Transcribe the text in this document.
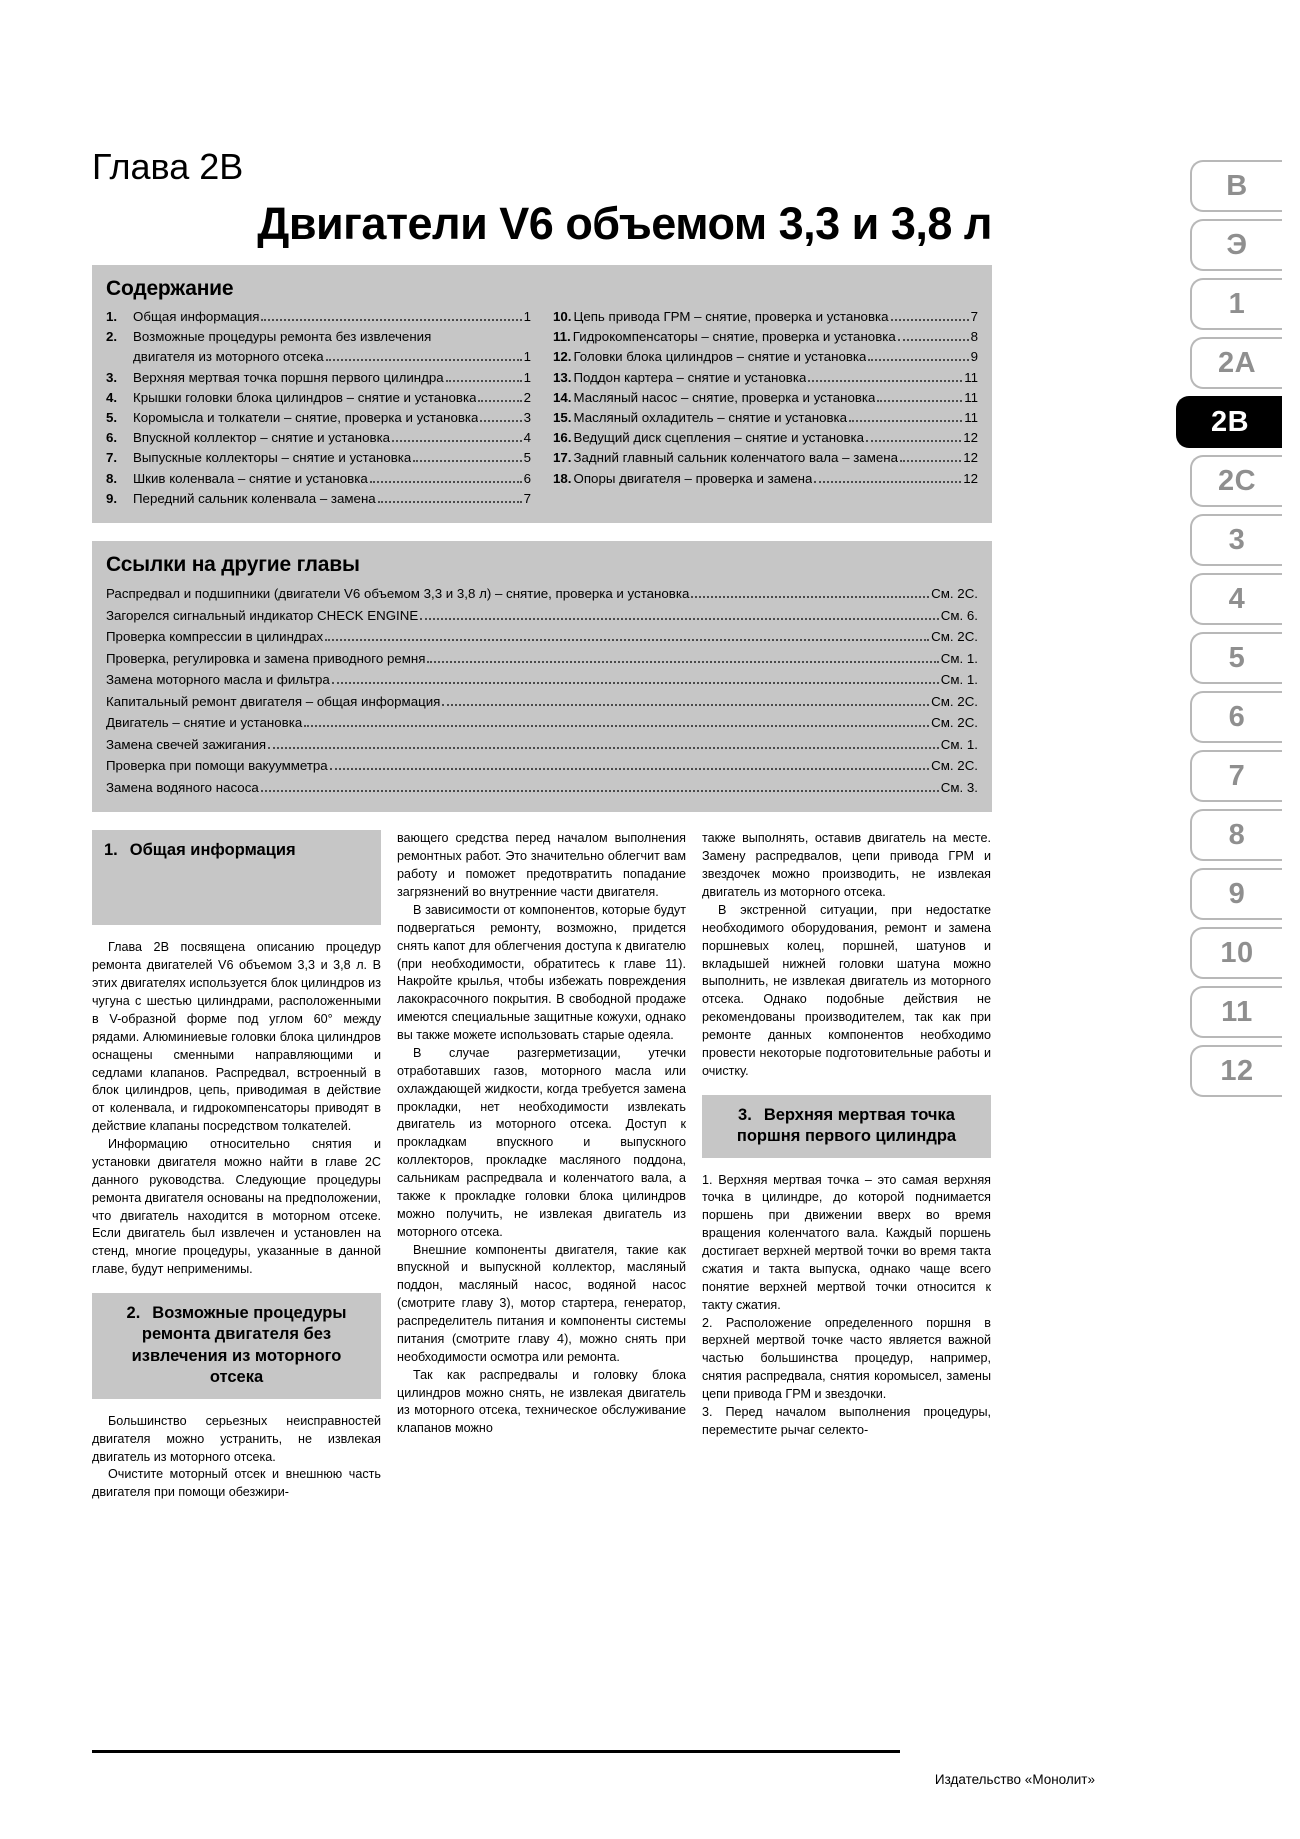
В
Э
1
2А
2В
2С
3
4
5
6
7
8
9
10
11
12
Глава 2В
Двигатели V6 объемом 3,3 и 3,8 л
Содержание
1.	Общая информация	1
2.	Возможные процедуры ремонта без извлечения
двигателя из моторного отсека	1
3.	Верхняя мертвая точка поршня первого цилиндра	1
4.	Крышки головки блока цилиндров – снятие и установка	2
5.	Коромысла и толкатели – снятие, проверка и установка	3
6.	Впускной коллектор – снятие и установка	4
7.	Выпускные коллекторы – снятие и установка	5
8.	Шкив коленвала – снятие и установка	6
9.	Передний сальник коленвала – замена	7
10. Цепь привода ГРМ – снятие, проверка и установка	7
11. Гидрокомпенсаторы – снятие, проверка и установка	8
12. Головки блока цилиндров – снятие и установка	9
13. Поддон картера – снятие и установка	11
14. Масляный насос – снятие, проверка и установка	11
15. Масляный охладитель – снятие и установка	11
16. Ведущий диск сцепления – снятие и установка	12
17. Задний главный сальник коленчатого вала – замена	12
18. Опоры двигателя – проверка и замена	12
Ссылки на другие главы
Распредвал и подшипники (двигатели V6 объемом 3,3 и 3,8 л) – снятие, проверка и установка	См. 2С.
Загорелся сигнальный индикатор CHECK ENGINE	См. 6.
Проверка компрессии в цилиндрах	См. 2С.
Проверка, регулировка и замена приводного ремня	См. 1.
Замена моторного масла и фильтра	См. 1.
Капитальный ремонт двигателя – общая информация	См. 2С.
Двигатель – снятие и установка	См. 2С.
Замена свечей зажигания	См. 1.
Проверка при помощи вакуумметра	См. 2С.
Замена водяного насоса	См. 3.
1. Общая информация

Глава 2В посвящена описанию процедур ремонта двигателей V6 объемом 3,3 и 3,8 л. В этих двигателях используется блок цилиндров из чугуна с шестью цилиндрами, расположенными в V-образной форме под углом 60° между рядами. Алюминиевые головки блока цилиндров оснащены сменными направляющими и седлами клапанов. Распредвал, встроенный в блок цилиндров, цепь, приводимая в действие от коленвала, и гидрокомпенсаторы приводят в действие клапаны посредством толкателей.

Информацию относительно снятия и установки двигателя можно найти в главе 2С данного руководства. Следующие процедуры ремонта двигателя основаны на предположении, что двигатель находится в моторном отсеке. Если двигатель был извлечен и установлен на стенд, многие процедуры, указанные в данной главе, будут неприменимы.

2. Возможные процедуры ремонта двигателя без извлечения из моторного отсека

Большинство серьезных неисправностей двигателя можно устранить, не извлекая двигатель из моторного отсека.

Очистите моторный отсек и внешнюю часть двигателя при помощи обезжири-

вающего средства перед началом выполнения ремонтных работ. Это значительно облегчит вам работу и поможет предотвратить попадание загрязнений во внутренние части двигателя.

В зависимости от компонентов, которые будут подвергаться ремонту, возможно, придется снять капот для облегчения доступа к двигателю (при необходимости, обратитесь к главе 11). Накройте крылья, чтобы избежать повреждения лакокрасочного покрытия. В свободной продаже имеются специальные защитные кожухи, однако вы также можете использовать старые одеяла.

В случае разгерметизации, утечки отработавших газов, моторного масла или охлаждающей жидкости, когда требуется замена прокладки, нет необходимости извлекать двигатель из моторного отсека. Доступ к прокладкам впускного и выпускного коллекторов, прокладке масляного поддона, сальникам распредвала и коленчатого вала, а также к прокладке головки блока цилиндров можно получить, не извлекая двигатель из моторного отсека.

Внешние компоненты двигателя, такие как впускной и выпускной коллектор, масляный поддон, масляный насос, водяной насос (смотрите главу 3), мотор стартера, генератор, распределитель питания и компоненты системы питания (смотрите главу 4), можно снять при необходимости осмотра или ремонта.

Так как распредвалы и головку блока цилиндров можно снять, не извлекая двигатель из моторного отсека, техническое обслуживание клапанов можно

также выполнять, оставив двигатель на месте. Замену распредвалов, цепи привода ГРМ и звездочек можно производить, не извлекая двигатель из моторного отсека.

В экстренной ситуации, при недостатке необходимого оборудования, ремонт и замена поршневых колец, поршней, шатунов и вкладышей нижней головки шатуна можно выполнить, не извлекая двигатель из моторного отсека. Однако подобные действия не рекомендованы производителем, так как при ремонте данных компонентов необходимо провести некоторые подготовительные работы и очистку.

3. Верхняя мертвая точка поршня первого цилиндра

1. Верхняя мертвая точка – это самая верхняя точка в цилиндре, до которой поднимается поршень при движении вверх во время вращения коленчатого вала. Каждый поршень достигает верхней мертвой точки во время такта сжатия и такта выпуска, однако чаще всего понятие верхней мертвой точки относится к такту сжатия.

2. Расположение определенного поршня в верхней мертвой точке часто является важной частью большинства процедур, например, снятия распредвала, снятия коромысел, замены цепи привода ГРМ и звездочки.

3. Перед началом выполнения процедуры, переместите рычаг селекто-

Издательство «Монолит»
